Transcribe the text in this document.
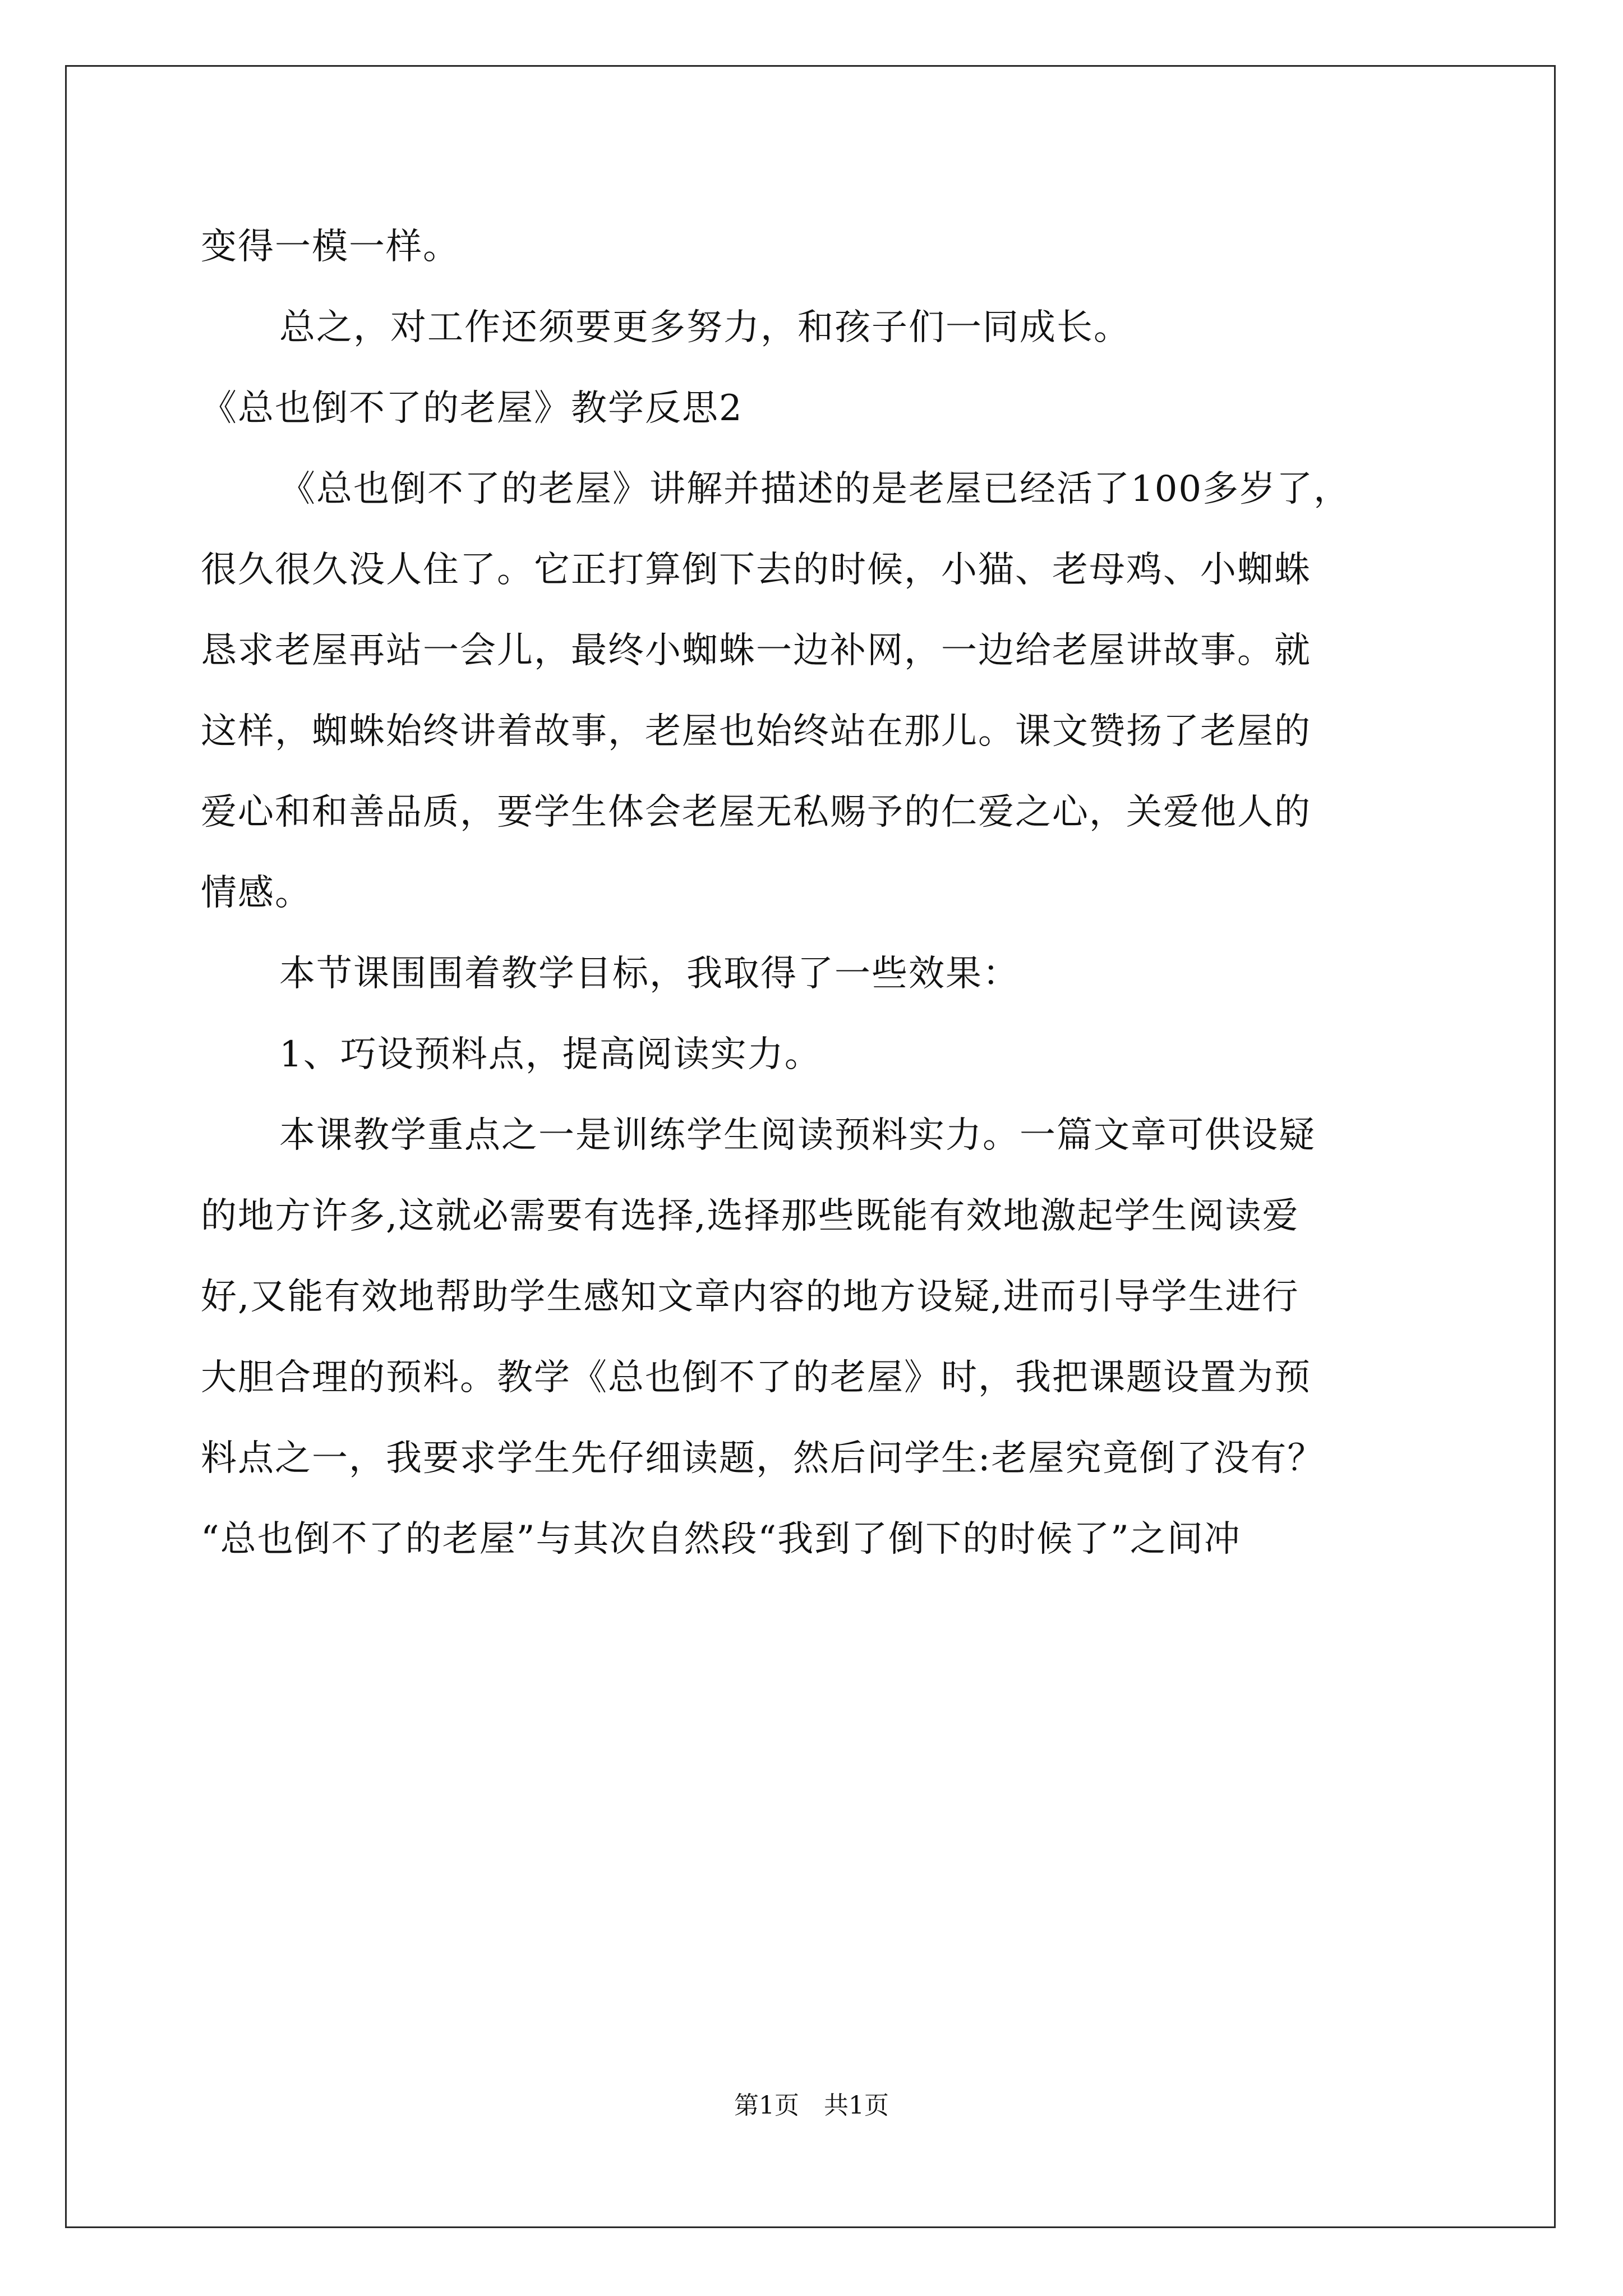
变得一模一样。
总之，对工作还须要更多努力，和孩子们一同成长。
《总也倒不了的老屋》教学反思2
《总也倒不了的老屋》讲解并描述的是老屋已经活了100多岁了，
很久很久没人住了。它正打算倒下去的时候，小猫、老母鸡、小蜘蛛
恳求老屋再站一会儿，最终小蜘蛛一边补网，一边给老屋讲故事。就
这样，蜘蛛始终讲着故事，老屋也始终站在那儿。课文赞扬了老屋的
爱心和和善品质，要学生体会老屋无私赐予的仁爱之心，关爱他人的
情感。
本节课围围着教学目标，我取得了一些效果：
1、巧设预料点，提高阅读实力。
本课教学重点之一是训练学生阅读预料实力。一篇文章可供设疑
的地方许多,这就必需要有选择,选择那些既能有效地激起学生阅读爱
好,又能有效地帮助学生感知文章内容的地方设疑,进而引导学生进行
大胆合理的预料。教学《总也倒不了的老屋》时，我把课题设置为预
料点之一，我要求学生先仔细读题，然后问学生:老屋究竟倒了没有？
“总也倒不了的老屋”与其次自然段“我到了倒下的时候了”之间冲
第1页　共1页
